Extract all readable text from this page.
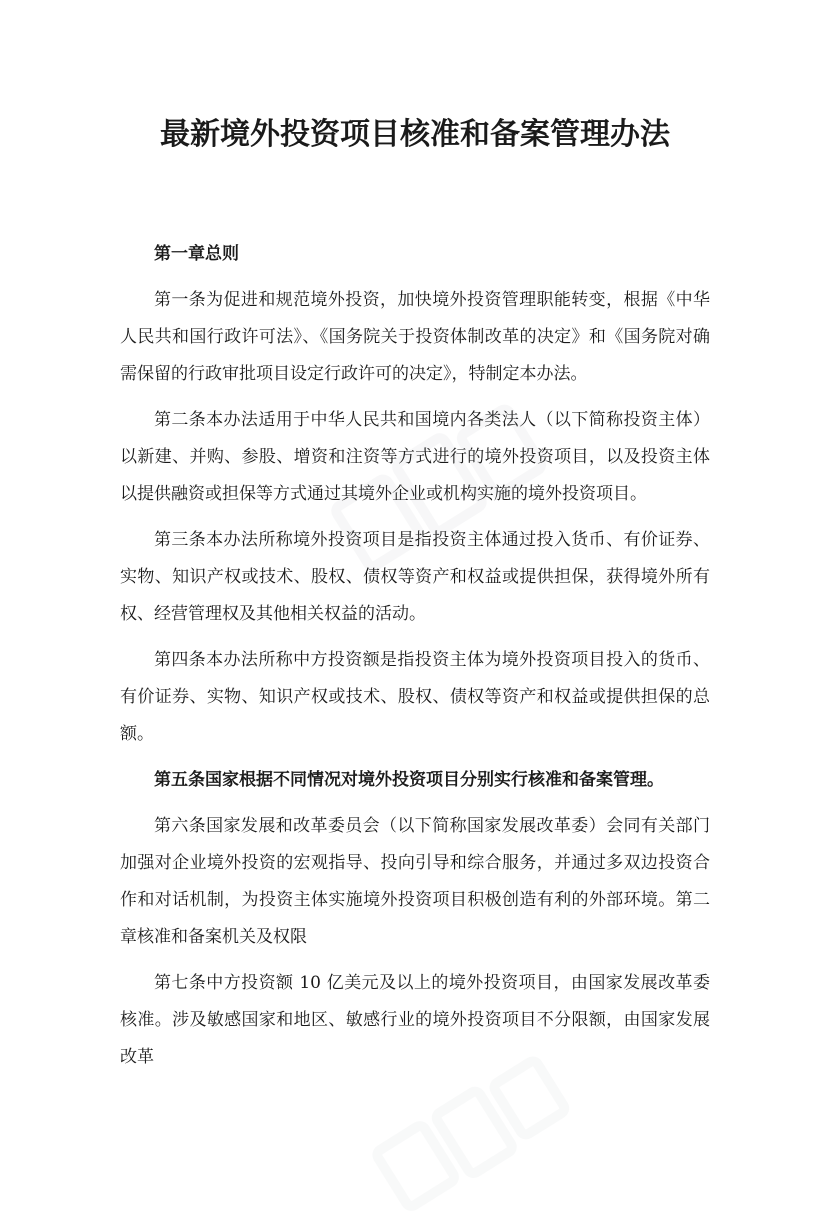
最新境外投资项目核准和备案管理办法

第一章总则

第一条为促进和规范境外投资，加快境外投资管理职能转变，根据《中华人民共和国行政许可法》、《国务院关于投资体制改革的决定》和《国务院对确需保留的行政审批项目设定行政许可的决定》，特制定本办法。

第二条本办法适用于中华人民共和国境内各类法人（以下简称投资主体）以新建、并购、参股、增资和注资等方式进行的境外投资项目，以及投资主体以提供融资或担保等方式通过其境外企业或机构实施的境外投资项目。

第三条本办法所称境外投资项目是指投资主体通过投入货币、有价证券、实物、知识产权或技术、股权、债权等资产和权益或提供担保，获得境外所有权、经营管理权及其他相关权益的活动。

第四条本办法所称中方投资额是指投资主体为境外投资项目投入的货币、有价证券、实物、知识产权或技术、股权、债权等资产和权益或提供担保的总额。

第五条国家根据不同情况对境外投资项目分别实行核准和备案管理。

第六条国家发展和改革委员会（以下简称国家发展改革委）会同有关部门加强对企业境外投资的宏观指导、投向引导和综合服务，并通过多双边投资合作和对话机制，为投资主体实施境外投资项目积极创造有利的外部环境。第二章核准和备案机关及权限

第七条中方投资额 10 亿美元及以上的境外投资项目，由国家发展改革委核准。涉及敏感国家和地区、敏感行业的境外投资项目不分限额，由国家发展改革
